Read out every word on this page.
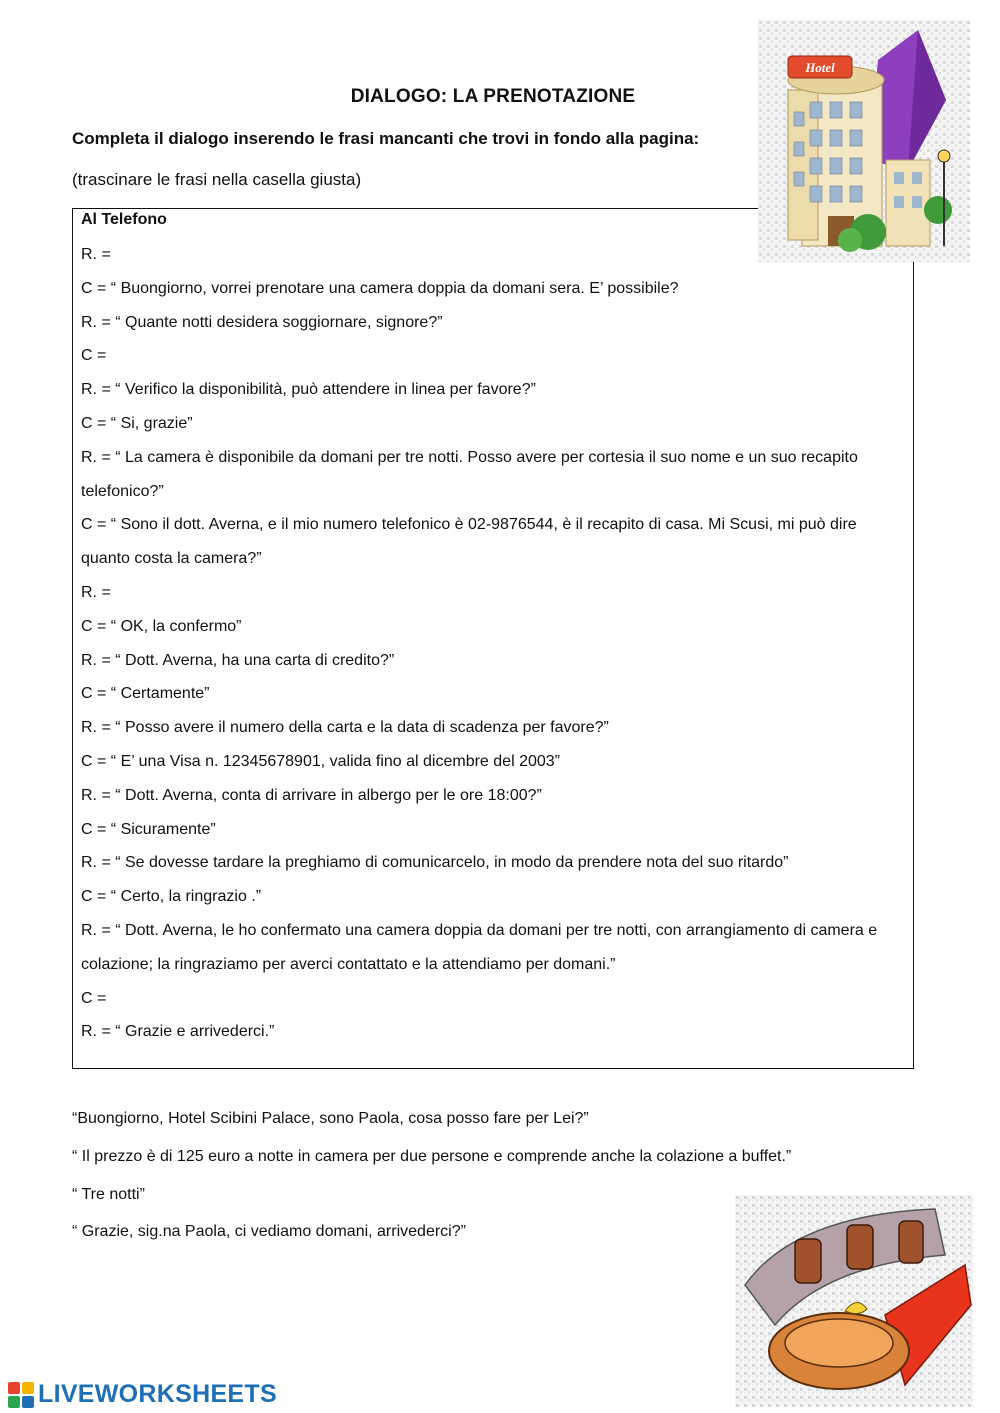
DIALOGO: LA PRENOTAZIONE
Completa il dialogo inserendo le frasi mancanti che trovi in fondo alla pagina:
(trascinare le frasi nella casella giusta)
Al Telefono
R. =
C = “ Buongiorno, vorrei prenotare una camera doppia da domani sera. E’ possibile?
R. = “ Quante notti desidera soggiornare, signore?”
C =
R. = “ Verifico la disponibilità, può attendere in linea per favore?”
C = “ Si, grazie”
R. = “ La camera è disponibile da domani per tre notti. Posso avere per cortesia il suo nome e un suo recapito telefonico?”
C = “ Sono il dott. Averna, e il mio numero telefonico è 02-9876544, è il recapito di casa. Mi Scusi, mi può dire quanto costa la camera?”
R. =
C = “ OK, la confermo”
R. = “ Dott. Averna, ha una carta di credito?”
C = “ Certamente”
R. = “ Posso avere il numero della carta e la data di scadenza per favore?”
C = “ E’ una Visa n. 12345678901, valida fino al dicembre del 2003”
R. = “ Dott. Averna, conta di arrivare in albergo per le ore 18:00?”
C = “ Sicuramente”
R. = “ Se dovesse tardare la preghiamo di comunicarcelo, in modo da prendere nota del suo ritardo”
C = “ Certo, la ringrazio .”
R. = “ Dott. Averna, le ho confermato una camera doppia da domani per tre notti, con arrangiamento di camera e colazione; la ringraziamo per averci contattato e la attendiamo per domani.”
C =
R. = “ Grazie e arrivederci.”
“Buongiorno, Hotel Scibini Palace, sono Paola, cosa posso fare per Lei?”
“ Il prezzo è di 125 euro a notte in camera per due persone e comprende anche la colazione a buffet.”
“ Tre notti”
“ Grazie, sig.na Paola, ci vediamo domani, arrivederci?”
Hotel
LIVEWORKSHEETS
